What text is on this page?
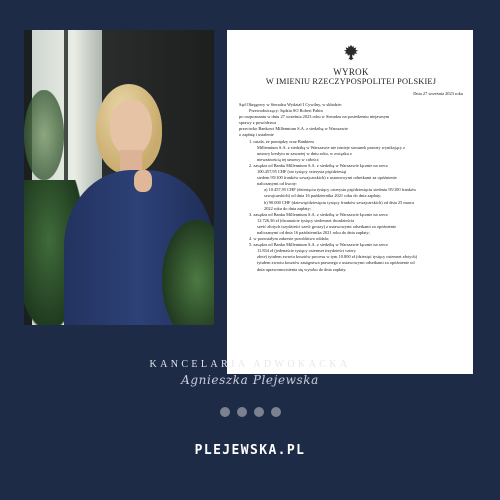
WYROK
W IMIENIU RZECZYPOSPOLITEJ POLSKIEJ
Dnia 27 września 2023 roku
Sąd Okręgowy w Sieradzu Wydział I Cywilny, w składzie:
Przewodniczący: Sędzia SO Robert Pabin
po rozpoznaniu w dniu 27 września 2023 roku w Sieradzu na posiedzeniu niejawnym
sprawy z powództwa
przeciwko Bankowi Millennium S.A. z siedzibą w Warszawie
o zapłatę i ustalenie
1. ustala, że pomiędzy oraz Bankiem
Millennium S.A. z siedzibą w Warszawie nie istnieje stosunek prawny wynikający z
umowy kredytu nr zawartej w dniu roku, w związku z
nieważnością tej umowy w całości;
2. zasądza od Banku Millennium S.A. z siedzibą w Warszawie łącznie na rzecz
100.457,95 CHF (sto tysięcy czterysta pięćdziesiąt
siedem 95/100 franków szwajcarskich) z ustawowymi odsetkami za opóźnienie
naliczanymi od kwoty:
a) 10.457,95 CHF (dziesięciu tysięcy czterystu pięćdziesięciu siedmiu 95/100 franków
szwajcarskich) od dnia 16 października 2021 roku do dnia zapłaty;
b) 90.000 CHF (dziewięćdziesięciu tysięcy franków szwajcarskich) od dnia 25 marca
2022 roku do dnia zapłaty;
3. zasądza od Banku Millennium S.A. z siedzibą w Warszawie łącznie na rzecz
12.726,36 zł (dwanaście tysięcy siedemset dwadzieścia
sześć złotych trzydzieści sześć groszy) z ustawowymi odsetkami za opóźnienie
naliczanymi od dnia 16 października 2021 roku do dnia zapłaty;
4. w pozostałym zakresie powództwo oddala;
5. zasądza od Banku Millennium S.A. z siedzibą w Warszawie łącznie na rzecz
11.834 zł (jedenaście tysięcy osiemset trzydzieści cztery
złote) tytułem zwrotu kosztów procesu w tym 10.800 zł (dziesięć tysięcy osiemset złotych)
tytułem zwrotu kosztów zastępstwa prawnego z ustawowymi odsetkami za opóźnienie od
dnia uprawomocnienia się wyroku do dnia zapłaty.
KANCELARIA ADWOKACKA
Agnieszka Plejewska
PLEJEWSKA.PL
